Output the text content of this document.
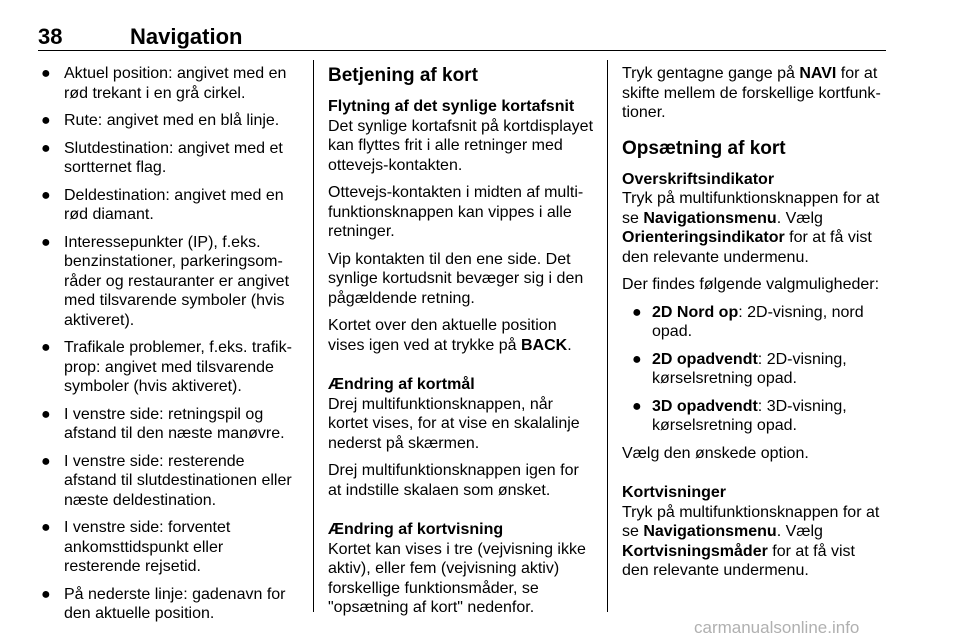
38	Navigation
● Aktuel position: angivet med en rød trekant i en grå cirkel.
● Rute: angivet med en blå linje.
● Slutdestination: angivet med et sortternet flag.
● Deldestination: angivet med en rød diamant.
● Interessepunkter (IP), f.eks. benzinstationer, parkeringsområder og restauranter er angivet med tilsvarende symboler (hvis aktiveret).
● Trafikale problemer, f.eks. trafikprop: angivet med tilsvarende symboler (hvis aktiveret).
● I venstre side: retningspil og afstand til den næste manøvre.
● I venstre side: resterende afstand til slutdestinationen eller næste deldestination.
● I venstre side: forventet ankomsttidspunkt eller resterende rejsetid.
● På nederste linje: gadenavn for den aktuelle position.
Betjening af kort
Flytning af det synlige kortafsnit

Det synlige kortafsnit på kortdisplayet kan flyttes frit i alle retninger med ottevejs-kontakten.

Ottevejs-kontakten i midten af multifunktionsknappen kan vippes i alle retninger.

Vip kontakten til den ene side. Det synlige kortudsnit bevæger sig i den pågældende retning.

Kortet over den aktuelle position vises igen ved at trykke på BACK.

Ændring af kortmål

Drej multifunktionsknappen, når kortet vises, for at vise en skalalinje nederst på skærmen.

Drej multifunktionsknappen igen for at indstille skalaen som ønsket.

Ændring af kortvisning

Kortet kan vises i tre (vejvisning ikke aktiv), eller fem (vejvisning aktiv) forskellige funktionsmåder, se "opsætning af kort" nedenfor.

Tryk gentagne gange på NAVI for at skifte mellem de forskellige kortfunktioner.

Opsætning af kort
Overskriftsindikator

Tryk på multifunktionsknappen for at se Navigationsmenu. Vælg Orienteringsindikator for at få vist den relevante undermenu.

Der findes følgende valgmuligheder:

● 2D Nord op: 2D-visning, nord opad.
● 2D opadvendt: 2D-visning, kørselsretning opad.
● 3D opadvendt: 3D-visning, kørselsretning opad.

Vælg den ønskede option.

Kortvisninger

Tryk på multifunktionsknappen for at se Navigationsmenu. Vælg Kortvisningsmåder for at få vist den relevante undermenu.

carmanualsonline.info
